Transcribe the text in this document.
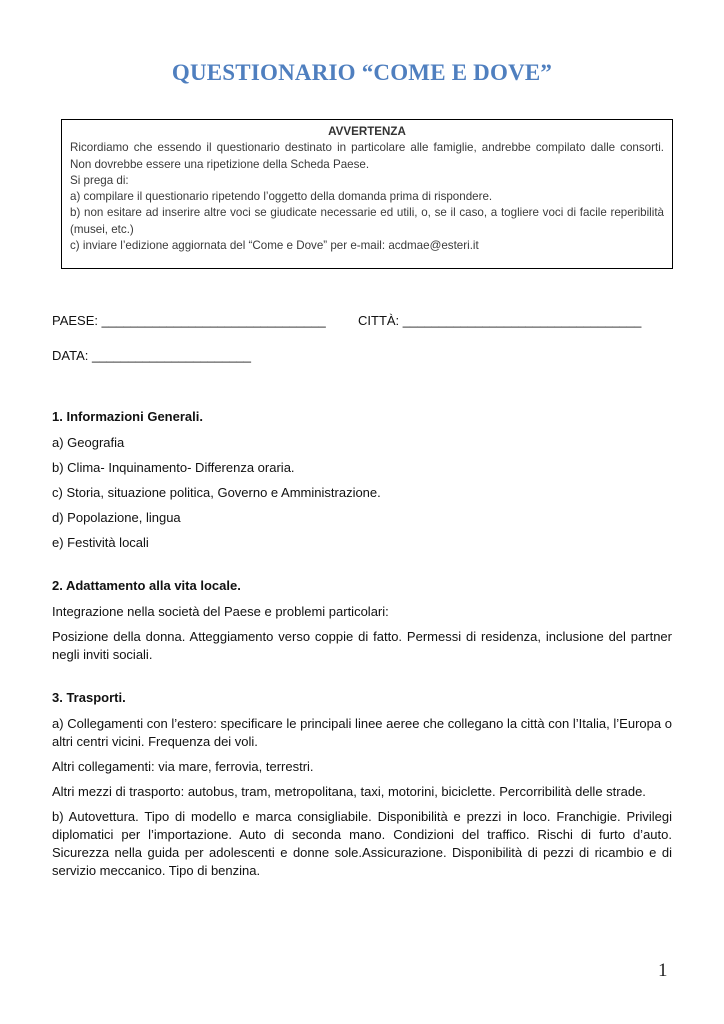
QUESTIONARIO “COME E DOVE”
AVVERTENZA
Ricordiamo che essendo il questionario destinato in particolare alle famiglie, andrebbe compilato dalle consorti. Non dovrebbe essere una ripetizione della Scheda Paese.
Si prega di:
a) compilare il questionario ripetendo l’oggetto della domanda prima di rispondere.
b) non esitare ad inserire altre voci se giudicate necessarie ed utili, o, se il caso, a togliere voci di facile reperibilità (musei, etc.)
c) inviare l’edizione aggiornata del “Come e Dove” per e-mail: acdmae@esteri.it
PAESE: _______________________________ CITTÀ: _________________________________
DATA: ______________________

1. Informazioni Generali.

a) Geografia

b) Clima- Inquinamento- Differenza oraria.

c) Storia, situazione politica, Governo e Amministrazione.

d) Popolazione, lingua

e) Festività locali

2. Adattamento alla vita locale.

Integrazione nella società del Paese e problemi particolari:

Posizione della donna. Atteggiamento verso coppie di fatto. Permessi di residenza, inclusione del partner negli inviti sociali.

3. Trasporti.

a) Collegamenti con l’estero: specificare le principali linee aeree che collegano la città con l’Italia, l’Europa o altri centri vicini. Frequenza dei voli.

Altri collegamenti: via mare, ferrovia, terrestri.

Altri mezzi di trasporto: autobus, tram, metropolitana, taxi, motorini, biciclette. Percorribilità delle strade.

b) Autovettura. Tipo di modello e marca consigliabile. Disponibilità e prezzi in loco. Franchigie. Privilegi diplomatici per l’importazione. Auto di seconda mano. Condizioni del traffico. Rischi di furto d’auto. Sicurezza nella guida per adolescenti e donne sole.Assicurazione. Disponibilità di pezzi di ricambio e di servizio meccanico. Tipo di benzina.

1
